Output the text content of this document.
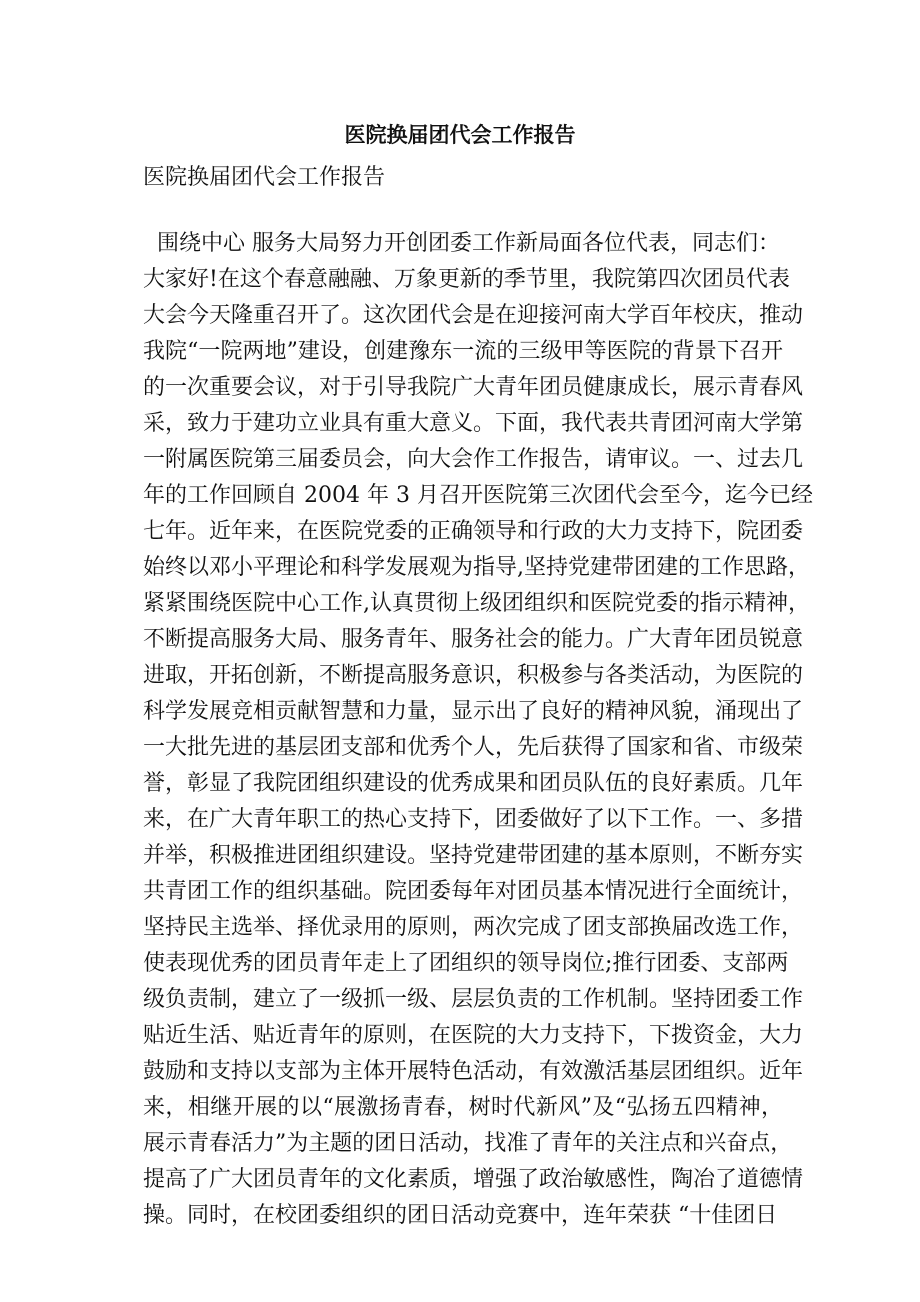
医院换届团代会工作报告
医院换届团代会工作报告
围绕中心 服务大局努力开创团委工作新局面各位代表，同志们：
大家好!在这个春意融融、万象更新的季节里，我院第四次团员代表
大会今天隆重召开了。这次团代会是在迎接河南大学百年校庆，推动
我院“一院两地”建设，创建豫东一流的三级甲等医院的背景下召开
的一次重要会议，对于引导我院广大青年团员健康成长，展示青春风
采，致力于建功立业具有重大意义。下面，我代表共青团河南大学第
一附属医院第三届委员会，向大会作工作报告，请审议。一、过去几
年的工作回顾自 2004 年 3 月召开医院第三次团代会至今，迄今已经
七年。近年来，在医院党委的正确领导和行政的大力支持下，院团委
始终以邓小平理论和科学发展观为指导,坚持党建带团建的工作思路，
紧紧围绕医院中心工作,认真贯彻上级团组织和医院党委的指示精神，
不断提高服务大局、服务青年、服务社会的能力。广大青年团员锐意
进取，开拓创新，不断提高服务意识，积极参与各类活动，为医院的
科学发展竞相贡献智慧和力量，显示出了良好的精神风貌，涌现出了
一大批先进的基层团支部和优秀个人，先后获得了国家和省、市级荣
誉，彰显了我院团组织建设的优秀成果和团员队伍的良好素质。几年
来，在广大青年职工的热心支持下，团委做好了以下工作。一、多措
并举，积极推进团组织建设。坚持党建带团建的基本原则，不断夯实
共青团工作的组织基础。院团委每年对团员基本情况进行全面统计，
坚持民主选举、择优录用的原则，两次完成了团支部换届改选工作，
使表现优秀的团员青年走上了团组织的领导岗位;推行团委、支部两
级负责制，建立了一级抓一级、层层负责的工作机制。坚持团委工作
贴近生活、贴近青年的原则，在医院的大力支持下，下拨资金，大力
鼓励和支持以支部为主体开展特色活动，有效激活基层团组织。近年
来，相继开展的以“展激扬青春，树时代新风”及“弘扬五四精神，
展示青春活力”为主题的团日活动，找准了青年的关注点和兴奋点，
提高了广大团员青年的文化素质，增强了政治敏感性，陶冶了道德情
操。同时，在校团委组织的团日活动竞赛中，连年荣获 “十佳团日
